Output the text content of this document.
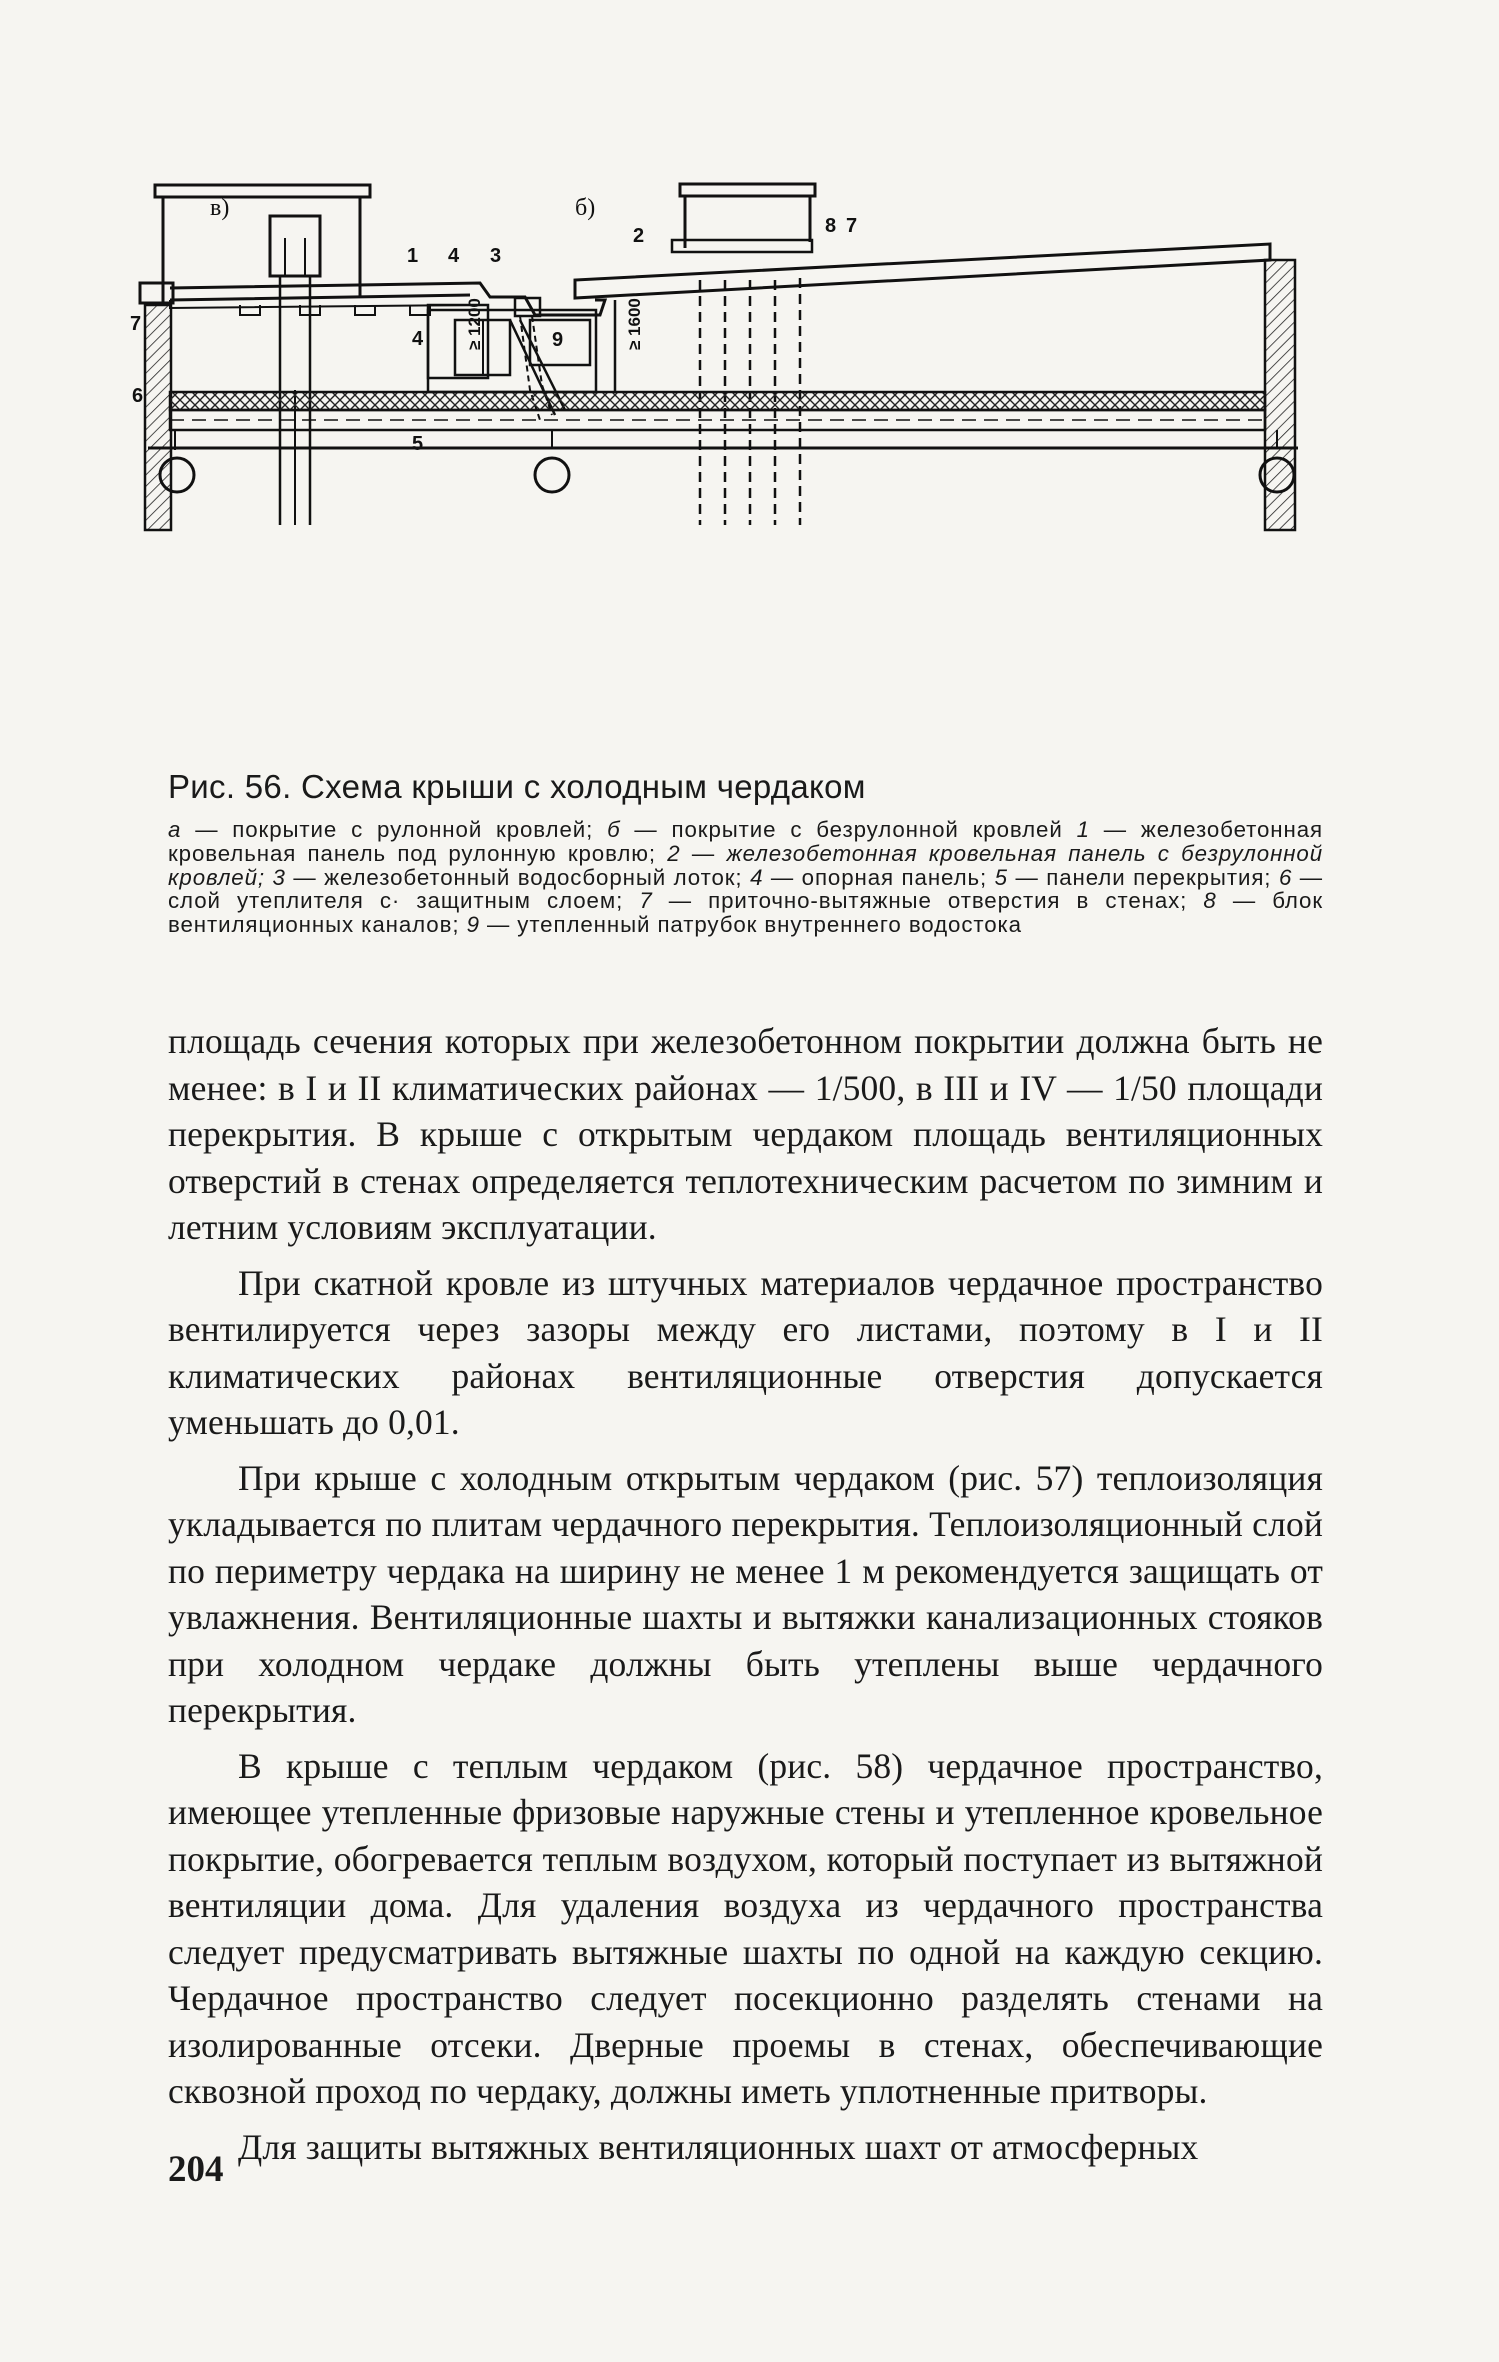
в)	б)
≥ 1200	≥ 1600
1
2
3
4
4
5
6
7
7
8
9
Рис. 56. Схема крыши с холодным чердаком
а — покрытие с рулонной кровлей; б — покрытие с безрулонной кровлей 1 — железобетонная кровельная панель под рулонную кровлю; 2 — железобетонная кровельная панель с безрулонной кровлей; 3 — железобетонный водосборный лоток; 4 — опорная панель; 5 — панели перекрытия; 6 — слой утеплителя с· защитным слоем; 7 — приточно-вытяжные отверстия в стенах; 8 — блок вентиляционных каналов; 9 — утепленный патрубок внутреннего водостока

площадь сечения которых при железобетонном покрытии должна быть не менее: в I и II климатических районах — 1/500, в III и IV — 1/50 площади перекрытия. В крыше с открытым чердаком площадь вентиляционных отверстий в стенах определяется теплотехническим расчетом по зимним и летним условиям эксплуатации.

При скатной кровле из штучных материалов чердачное пространство вентилируется через зазоры между его листами, поэтому в I и II климатических районах вентиляционные отверстия допускается уменьшать до 0,01.

При крыше с холодным открытым чердаком (рис. 57) теплоизоляция укладывается по плитам чердачного перекрытия. Теплоизоляционный слой по периметру чердака на ширину не менее 1 м рекомендуется защищать от увлажнения. Вентиляционные шахты и вытяжки канализационных стояков при холодном чердаке должны быть утеплены выше чердачного перекрытия.

В крыше с теплым чердаком (рис. 58) чердачное пространство, имеющее утепленные фризовые наружные стены и утепленное кровельное покрытие, обогревается теплым воздухом, который поступает из вытяжной вентиляции дома. Для удаления воздуха из чердачного пространства следует предусматривать вытяжные шахты по одной на каждую секцию. Чердачное пространство следует посекционно разделять стенами на изолированные отсеки. Дверные проемы в стенах, обеспечивающие сквозной проход по чердаку, должны иметь уплотненные притворы.

Для защиты вытяжных вентиляционных шахт от атмосферных

204
